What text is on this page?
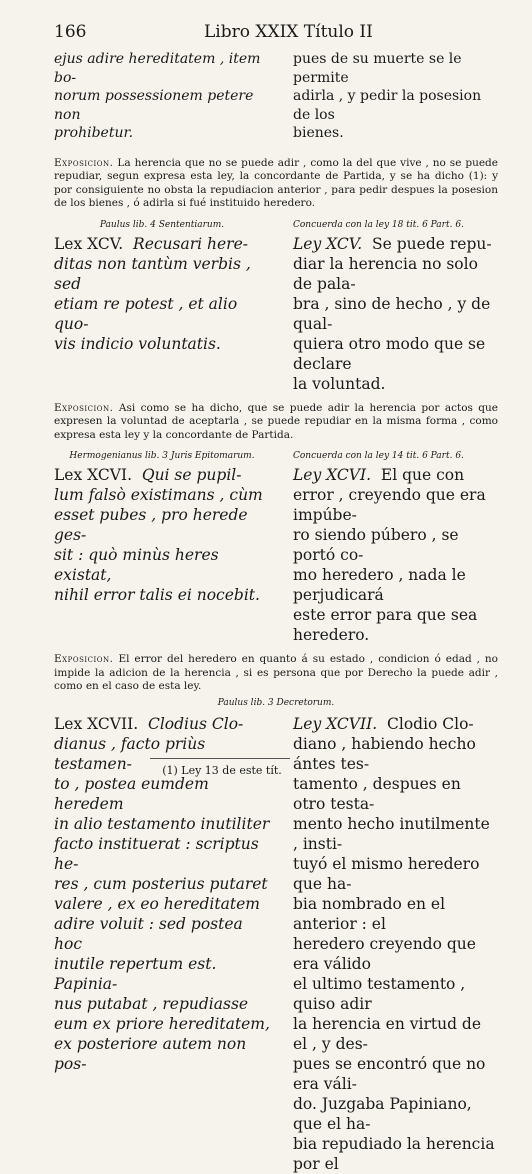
166	Libro XXIX Título II
ejus adire hereditatem , item bo-
norum possessionem petere non
prohibetur.
pues de su muerte se le permite
adirla , y pedir la posesion de los
bienes.

Exposicion. La herencia que no se puede adir , como la del que vive , no se puede repudiar, segun expresa esta ley, la concordante de Partida, y se ha dicho (1): y por consiguiente no obsta la repudiacion anterior , para pedir despues la posesion de los bienes , ó adirla si fué instituido heredero.

Paulus lib. 4 Sententiarum.	Concuerda con la ley 18 tit. 6 Part. 6.
Lex XCV. Recusari here-
ditas non tantùm verbis , sed
etiam re potest , et alio quo-
vis indicio voluntatis.
Ley XCV. Se puede repu-
diar la herencia no solo de pala-
bra , sino de hecho , y de qual-
quiera otro modo que se declare
la voluntad.

Exposicion. Asi como se ha dicho, que se puede adir la herencia por actos que expresen la voluntad de aceptarla , se puede repudiar en la misma forma , como expresa esta ley y la concordante de Partida.

Hermogenianus lib. 3 Juris Epitomarum.	Concuerda con la ley 14 tit. 6 Part. 6.
Lex XCVI. Qui se pupil-
lum falsò existimans , cùm
esset pubes , pro herede ges-
sit : quò minùs heres existat,
nihil error talis ei nocebit.
Ley XCVI. El que con
error , creyendo que era impúbe-
ro siendo púbero , se portó co-
mo heredero , nada le perjudicará
este error para que sea heredero.

Exposicion. El error del heredero en quanto á su estado , condicion ó edad , no impide la adicion de la herencia , si es persona que por Derecho la puede adir , como en el caso de esta ley.

Paulus lib. 3 Decretorum.
Lex XCVII. Clodius Clo-
dianus , facto priùs testamen-
to , postea eumdem heredem
in alio testamento inutiliter
facto instituerat : scriptus he-
res , cum posterius putaret
valere , ex eo hereditatem
adire voluit : sed postea hoc
inutile repertum est. Papinia-
nus putabat , repudiasse
eum ex priore hereditatem,
ex posteriore autem non pos-
Ley XCVII. Clodio Clo-
diano , habiendo hecho ántes tes-
tamento , despues en otro testa-
mento hecho inutilmente , insti-
tuyó el mismo heredero que ha-
bia nombrado en el anterior : el
heredero creyendo que era válido
el ultimo testamento , quiso adir
la herencia en virtud de el , y des-
pues se encontró que no era váli-
do. Juzgaba Papiniano, que el ha-
bia repudiado la herencia por el
(1) Ley 13 de este tít.
